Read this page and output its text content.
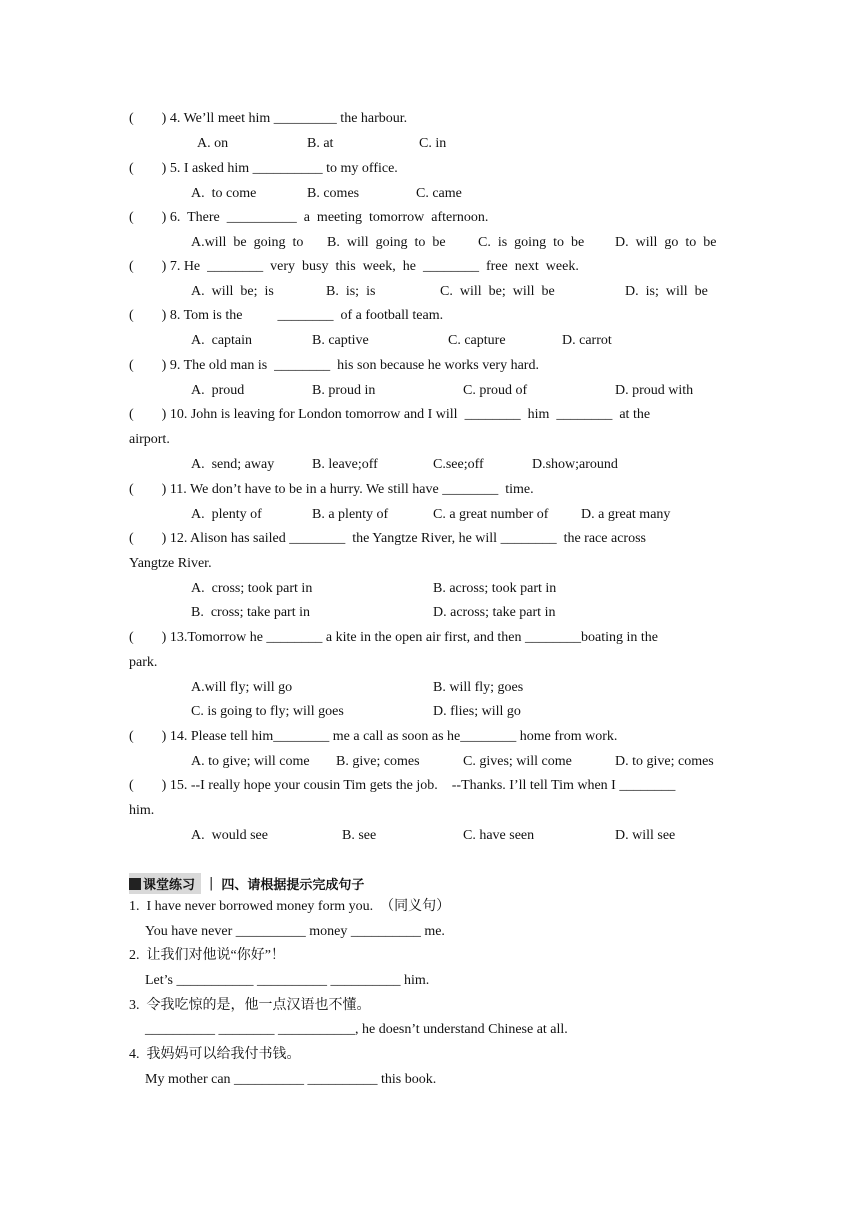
(        ) 4. We’ll meet him _________ the harbour.
A. on	B. at	C. in
(        ) 5. I asked him __________ to my office.
A.  to come	B. comes	C. came
(        ) 6.  There  __________  a  meeting  tomorrow  afternoon.
A.will  be  going  to B.  will  going  to  be C.  is  going  to  be D.  will  go  to  be
(        ) 7. He  ________  very  busy  this  week,  he  ________  free  next  week.
A.  will  be;  is	B.  is;  is	C.  will  be;  will  be	D.  is;  will  be
(        ) 8. Tom is the          ________  of a football team.
A.  captain	B. captive	C. capture	D. carrot
(        ) 9. The old man is  ________  his son because he works very hard.
A.  proud	B. proud in	C. proud of	D. proud with
(        ) 10. John is leaving for London tomorrow and I will  ________  him  ________  at the
airport.
A.  send; away	B. leave;off	C.see;off	D.show;around
(        ) 11. We don’t have to be in a hurry. We still have ________  time.
A.  plenty of	B. a plenty of	C. a great number of D. a great many
(        ) 12. Alison has sailed ________  the Yangtze River, he will ________  the race across
Yangtze River.
A.  cross; took part in	B. across; took part in
B.  cross; take part in	D. across; take part in
(        ) 13.Tomorrow he ________ a kite in the open air first, and then ________boating in the
park.
A.will fly; will go	B. will fly; goes
C. is going to fly; will goes	D. flies; will go
(        ) 14. Please tell him________ me a call as soon as he________ home from work.
A. to give; will come B. give; comes	C. gives; will come	D. to give; comes
(        ) 15. --I really hope your cousin Tim gets the job.    --Thanks. I’ll tell Tim when I ________
him.
A.  would see	B. see	C. have seen	D. will see
课堂练习 | 四、请根据提示完成句子
1.  I have never borrowed money form you.  （同义句）
You have never __________ money __________ me.
2.  让我们对他说“你好”！
Let’s ___________ __________ __________ him.
3.  令我吃惊的是，他一点汉语也不懂。
__________ ________ ___________, he doesn’t understand Chinese at all.
4.  我妈妈可以给我付书钱。
My mother can __________ __________ this book.
